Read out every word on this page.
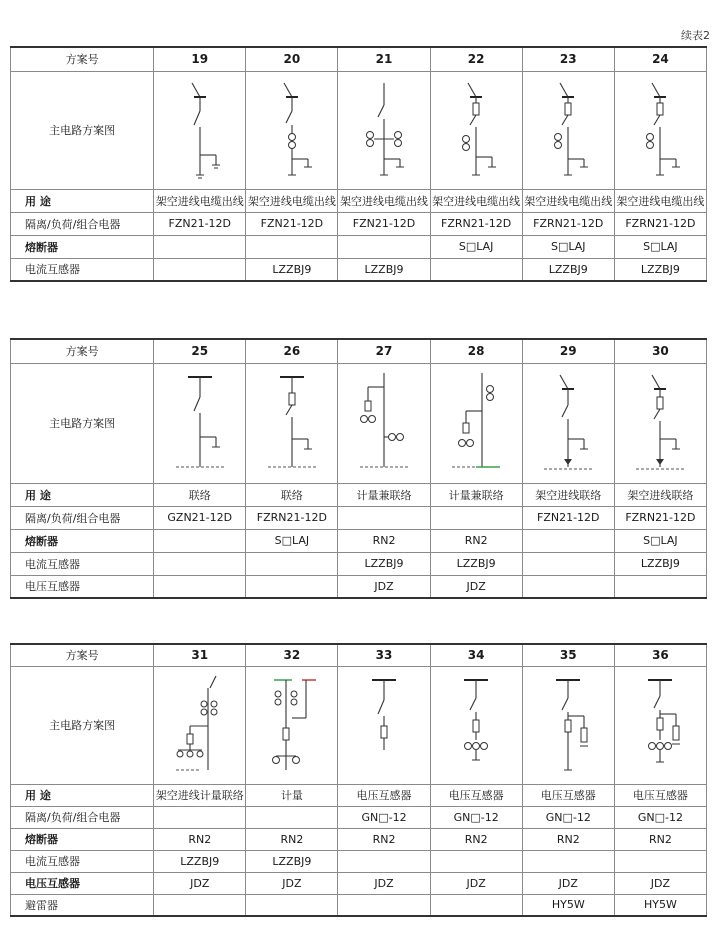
续表2
方案号	19	20	21	22	23	24
主电路方案图	

用 途	架空进线电缆出线	架空进线电缆出线	架空进线电缆出线	架空进线电缆出线	架空进线电缆出线	架空进线电缆出线
隔离/负荷/组合电器	FZN21-12D	FZN21-12D	FZN21-12D	FZRN21-12D	FZRN21-12D	FZRN21-12D
熔断器				S□LAJ	S□LAJ	S□LAJ
电流互感器		LZZBJ9	LZZBJ9		LZZBJ9	LZZBJ9
方案号	25	26	27	28	29	30
主电路方案图	

用 途	联络	联络	计量兼联络	计量兼联络	架空进线联络	架空进线联络
隔离/负荷/组合电器	GZN21-12D	FZRN21-12D			FZN21-12D	FZRN21-12D
熔断器		S□LAJ	RN2	RN2		S□LAJ
电流互感器			LZZBJ9	LZZBJ9		LZZBJ9
电压互感器			JDZ	JDZ		
方案号	31	32	33	34	35	36
主电路方案图	

用 途	架空进线计量联络	计量	电压互感器	电压互感器	电压互感器	电压互感器
隔离/负荷/组合电器			GN□-12	GN□-12	GN□-12	GN□-12
熔断器	RN2	RN2	RN2	RN2	RN2	RN2
电流互感器	LZZBJ9	LZZBJ9				
电压互感器	JDZ	JDZ	JDZ	JDZ	JDZ	JDZ
避雷器					HY5W	HY5W
